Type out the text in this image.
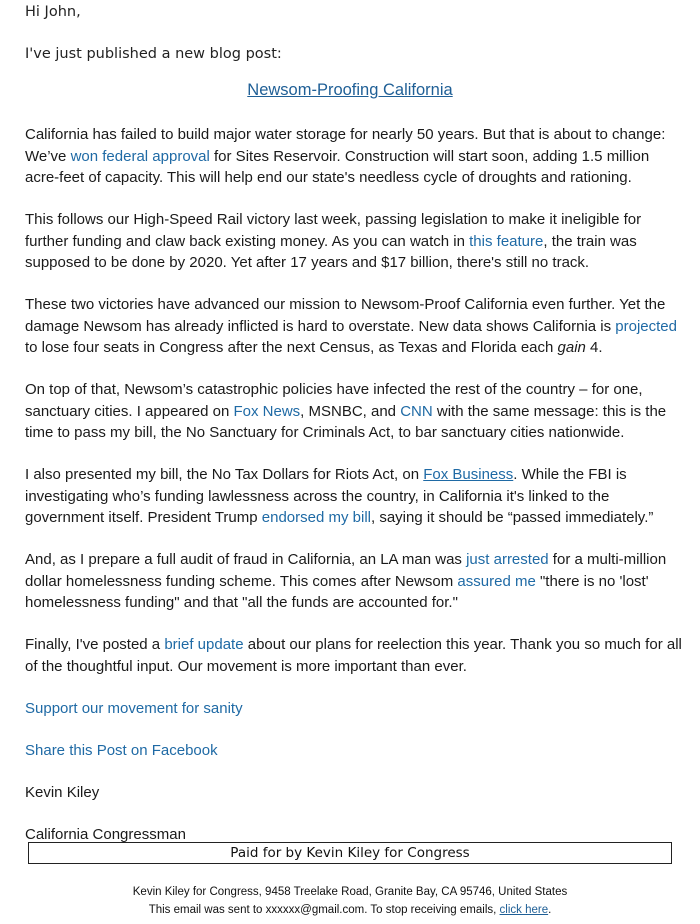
Hi John,
I've just published a new blog post:
Newsom-Proofing California

California has failed to build major water storage for nearly 50 years. But that is about to change: We’ve won federal approval for Sites Reservoir. Construction will start soon, adding 1.5 million acre-feet of capacity. This will help end our state's needless cycle of droughts and rationing.

This follows our High-Speed Rail victory last week, passing legislation to make it ineligible for further funding and claw back existing money. As you can watch in this feature, the train was supposed to be done by 2020. Yet after 17 years and $17 billion, there's still no track.

These two victories have advanced our mission to Newsom-Proof California even further. Yet the damage Newsom has already inflicted is hard to overstate. New data shows California is projected to lose four seats in Congress after the next Census, as Texas and Florida each gain 4.

On top of that, Newsom’s catastrophic policies have infected the rest of the country – for one, sanctuary cities. I appeared on Fox News, MSNBC, and CNN with the same message: this is the time to pass my bill, the No Sanctuary for Criminals Act, to bar sanctuary cities nationwide.

I also presented my bill, the No Tax Dollars for Riots Act, on Fox Business. While the FBI is investigating who’s funding lawlessness across the country, in California it's linked to the government itself. President Trump endorsed my bill, saying it should be “passed immediately.”

And, as I prepare a full audit of fraud in California, an LA man was just arrested for a multi-million dollar homelessness funding scheme. This comes after Newsom assured me "there is no 'lost' homelessness funding" and that "all the funds are accounted for."

Finally, I've posted a brief update about our plans for reelection this year. Thank you so much for all of the thoughtful input. Our movement is more important than ever.

Support our movement for sanity

Share this Post on Facebook

Kevin Kiley

California Congressman

Paid for by Kevin Kiley for Congress
Kevin Kiley for Congress, 9458 Treelake Road, Granite Bay, CA 95746, United States
This email was sent to xxxxxx@gmail.com. To stop receiving emails, click here.
